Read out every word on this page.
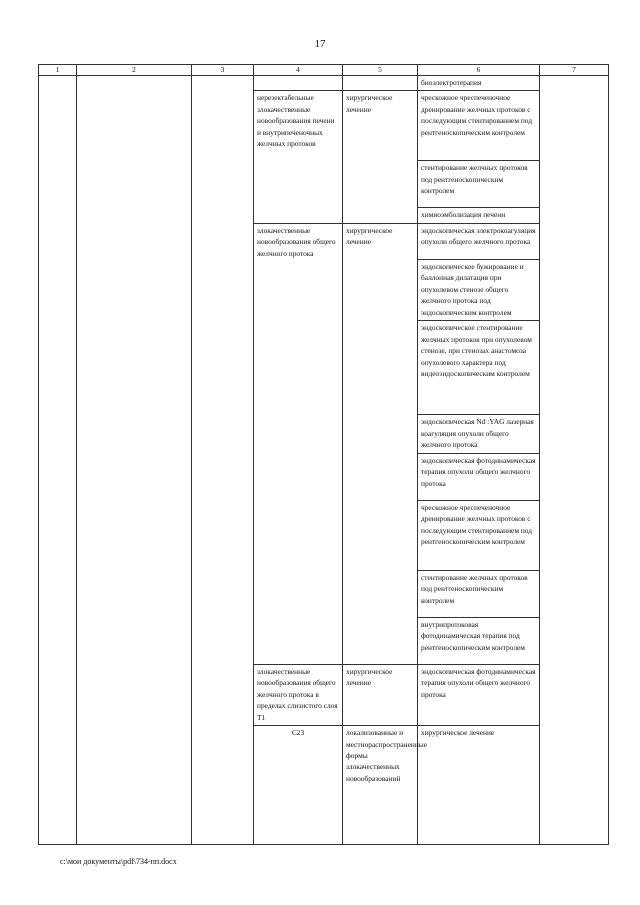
17
1	2	3	4	5	6	7	
					биоэлектротерапия		
			нерезектабельные злокачественные новообразования печени и внутрипеченочных желчных протоков	хирургическое лечение	чрескожное чреспеченочное дренирование желчных протоков с последующим стентированием под рентгеноскопическим контролем		
					стентирование желчных протоков под рентгеноскопическим контролем		
					химиоэмболизация печени		
			злокачественные новообразования общего желчного протока	хирургическое лечение	эндоскопическая электрокоагуляция опухоли общего желчного протока		
					эндоскопическое бужирование и баллонная дилатация при опухолевом стенозе общего желчного протока под эндоскопическим контролем		
					эндоскопическое стентирование желчных протоков при опухолевом стенозе, при стенозах анастомоза опухолевого характера под видеоэндоскопическим контролем		
					эндоскопическая Nd :YAG лазерная коагуляция опухоли общего желчного протока		
					эндоскопическая фотодинамическая терапия опухоли общего желчного протока		
					чрескожное чреспеченочное дренирование желчных протоков с последующим стентированием под рентгеноскопическим контролем		
					стентирование желчных протоков под рентгеноскопическим контролем		
					внутрипротоковая фотодинамическая терапия под рентгеноскопическим контролем		
			злокачественные новообразования общего желчного протока в пределах слизистого слоя T1	хирургическое лечение	эндоскопическая фотодинамическая терапия опухоли общего желчного протока		
			C23	локализованные и местнораспространенные формы злокачественных новообразований	хирургическое лечение	
c:\мои документы\pdf\734-пп.docx
